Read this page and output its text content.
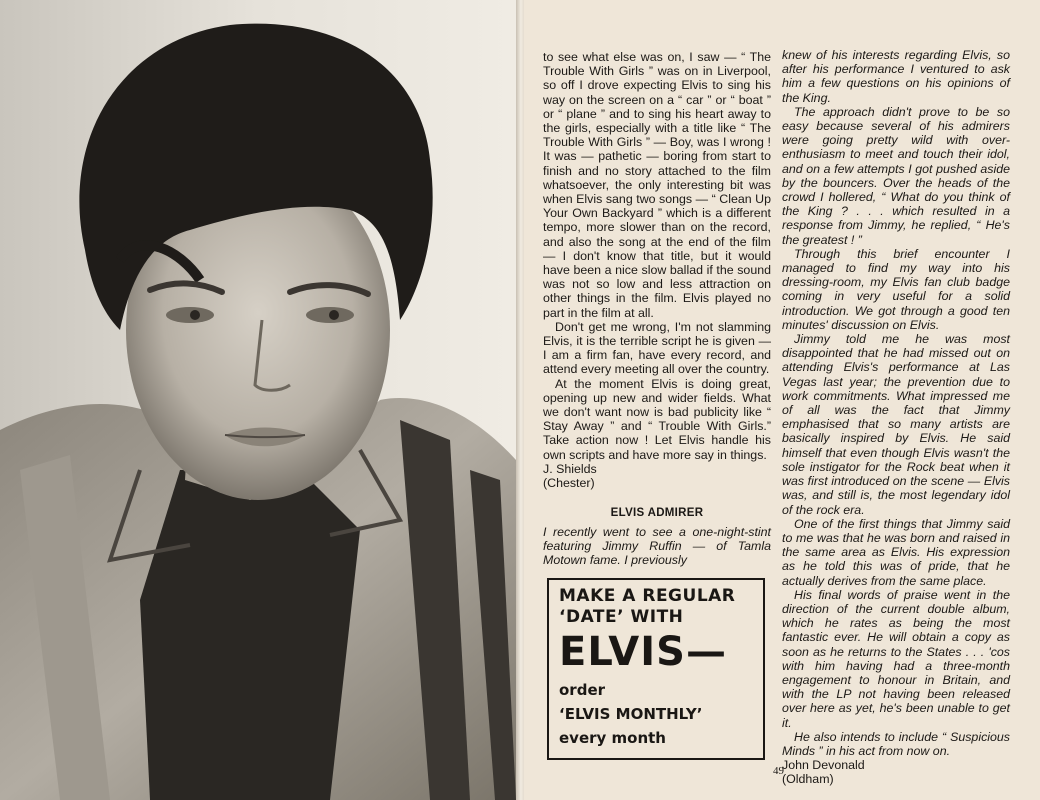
to see what else was on, I saw — “ The Trouble With Girls ” was on in Liverpool, so off I drove expecting Elvis to sing his way on the screen on a “ car ” or “ boat ” or “ plane ” and to sing his heart away to the girls, especially with a title like “ The Trouble With Girls ” — Boy, was I wrong ! It was — pathetic — boring from start to finish and no story attached to the film whatsoever, the only interesting bit was when Elvis sang two songs — “ Clean Up Your Own Backyard ” which is a different tempo, more slower than on the record, and also the song at the end of the film — I don't know that title, but it would have been a nice slow ballad if the sound was not so low and less attraction on other things in the film. Elvis played no part in the film at all.

Don't get me wrong, I'm not slamming Elvis, it is the terrible script he is given — I am a firm fan, have every record, and attend every meeting all over the country.

At the moment Elvis is doing great, opening up new and wider fields. What we don't want now is bad publicity like “ Stay Away ” and “ Trouble With Girls.” Take action now ! Let Elvis handle his own scripts and have more say in things.

J. Shields

(Chester)

ELVIS ADMIRER

I recently went to see a one-night-stint featuring Jimmy Ruffin — of Tamla Motown fame. I previously

knew of his interests regarding Elvis, so after his performance I ventured to ask him a few questions on his opinions of the King.

The approach didn't prove to be so easy because several of his admirers were going pretty wild with over-enthusiasm to meet and touch their idol, and on a few attempts I got pushed aside by the bouncers. Over the heads of the crowd I hollered, “ What do you think of the King ? . . . which resulted in a response from Jimmy, he replied, “ He's the greatest ! ”

Through this brief encounter I managed to find my way into his dressing-room, my Elvis fan club badge coming in very useful for a solid introduction. We got through a good ten minutes' discussion on Elvis.

Jimmy told me he was most disappointed that he had missed out on attending Elvis's performance at Las Vegas last year; the prevention due to work commitments. What impressed me of all was the fact that Jimmy emphasised that so many artists are basically inspired by Elvis. He said himself that even though Elvis wasn't the sole instigator for the Rock beat when it was first introduced on the scene — Elvis was, and still is, the most legendary idol of the rock era.

One of the first things that Jimmy said to me was that he was born and raised in the same area as Elvis. His expression as he told this was of pride, that he actually derives from the same place.

His final words of praise went in the direction of the current double album, which he rates as being the most fantastic ever. He will obtain a copy as soon as he returns to the States . . . 'cos with him having had a three-month engagement to honour in Britain, and with the LP not having been released over here as yet, he's been unable to get it.

He also intends to include “ Suspicious Minds ” in his act from now on.

John Devonald

(Oldham)

MAKE A REGULAR
‘DATE’ WITH
ELVIS—
order
‘ELVIS MONTHLY’
every month
49
